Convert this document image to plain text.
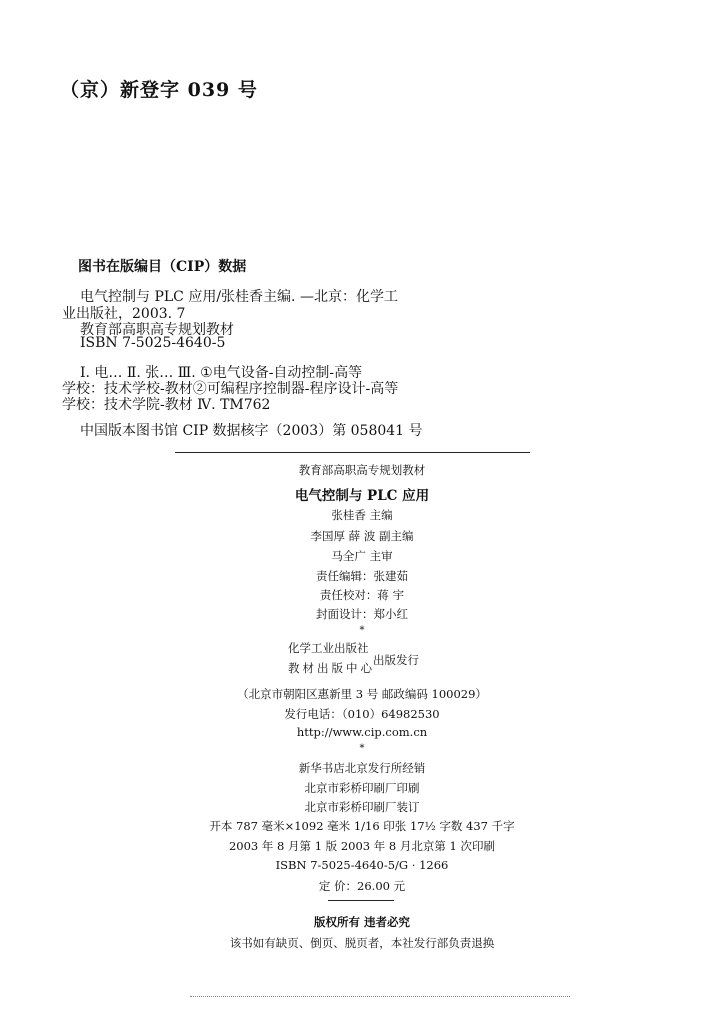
（京）新登字 039 号
图书在版编目（CIP）数据
电气控制与 PLC 应用/张桂香主编. —北京：化学工
业出版社，2003. 7
教育部高职高专规划教材
ISBN 7-5025-4640-5
Ⅰ. 电… Ⅱ. 张… Ⅲ. ①电气设备-自动控制-高等
学校：技术学校-教材②可编程序控制器-程序设计-高等
学校：技术学院-教材 Ⅳ. TM762
中国版本图书馆 CIP 数据核字（2003）第 058041 号
教育部高职高专规划教材
电气控制与 PLC 应用
张桂香 主编
李国厚 薛 波 副主编
马全广 主审
责任编辑：张建茹
责任校对：蒋 宇
封面设计：郑小红
*
化学工业出版社
教材出版中心
出版发行
（北京市朝阳区惠新里 3 号 邮政编码 100029）
发行电话：（010）64982530
http://www.cip.com.cn
*
新华书店北京发行所经销
北京市彩桥印刷厂印刷
北京市彩桥印刷厂装订
开本 787 毫米×1092 毫米 1/16 印张 17½ 字数 437 千字
2003 年 8 月第 1 版 2003 年 8 月北京第 1 次印刷
ISBN 7-5025-4640-5/G · 1266
定 价：26.00 元
版权所有 违者必究
该书如有缺页、倒页、脱页者，本社发行部负责退换
